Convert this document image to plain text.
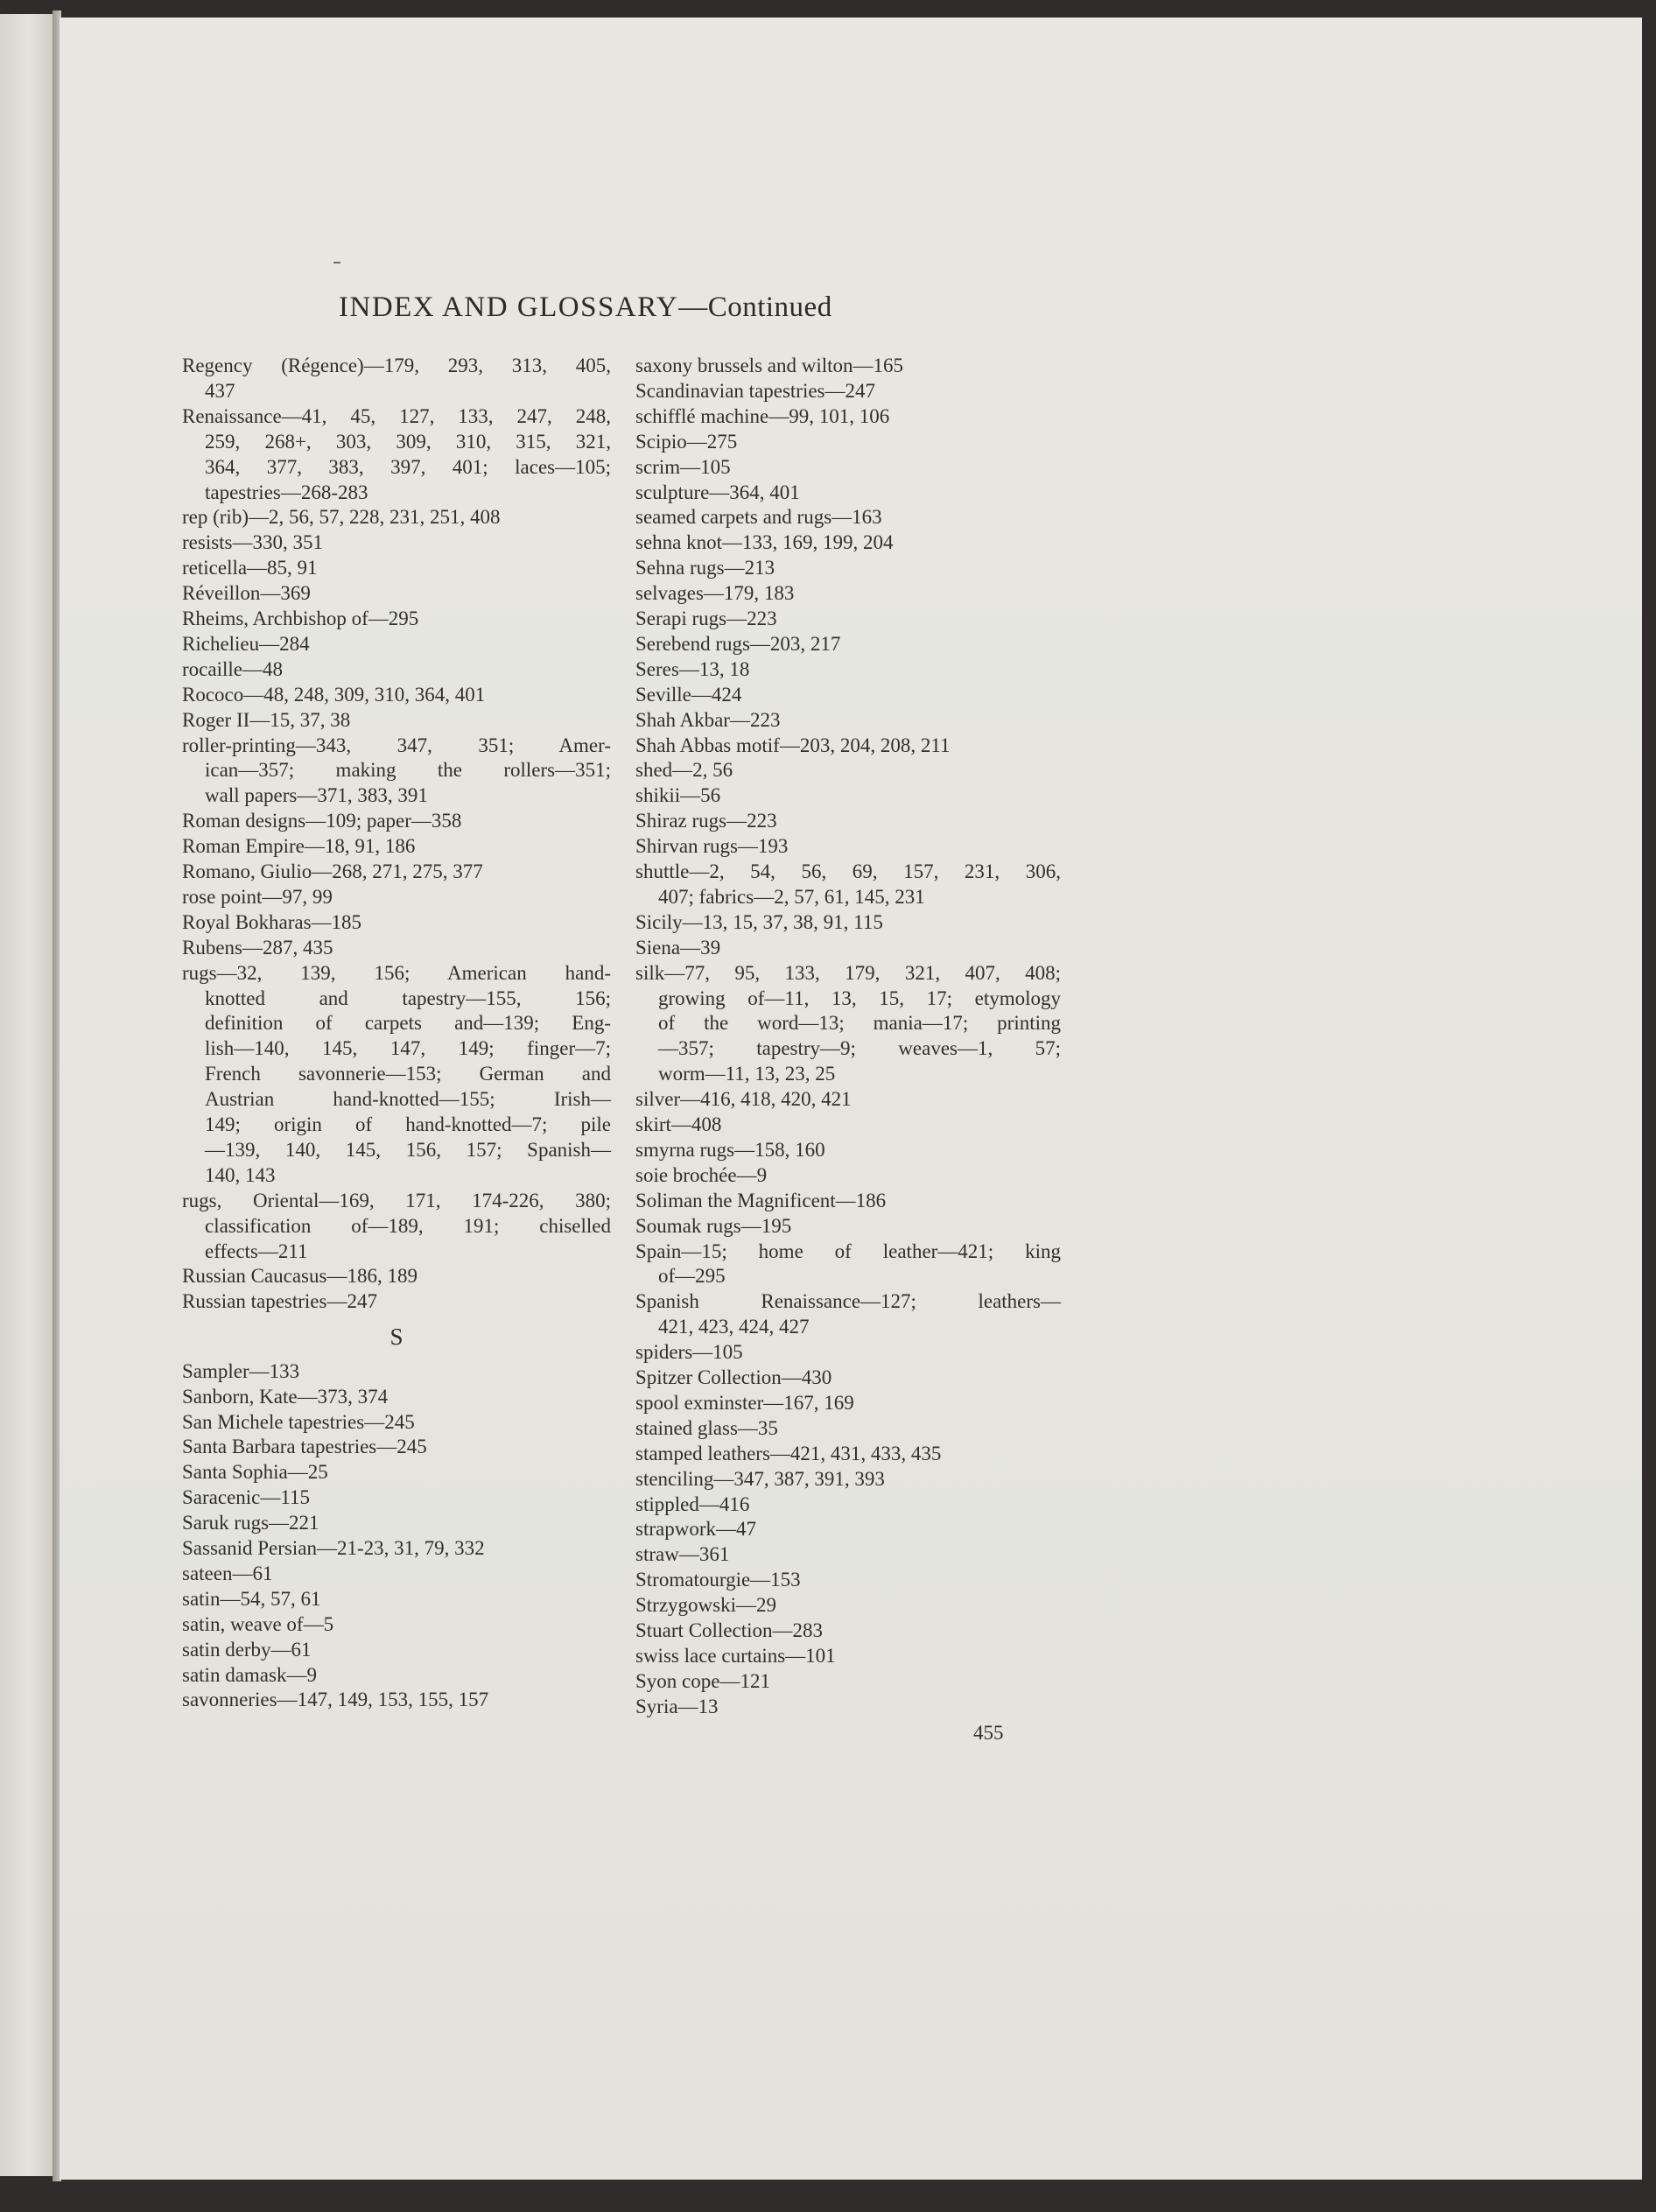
INDEX AND GLOSSARY—Continued
Regency (Régence)—179, 293, 313, 405,
437
Renaissance—41, 45, 127, 133, 247, 248,
259, 268+, 303, 309, 310, 315, 321,
364, 377, 383, 397, 401; laces—105;
tapestries—268-283
rep (rib)—2, 56, 57, 228, 231, 251, 408
resists—330, 351
reticella—85, 91
Réveillon—369
Rheims, Archbishop of—295
Richelieu—284
rocaille—48
Rococo—48, 248, 309, 310, 364, 401
Roger II—15, 37, 38
roller-printing—343, 347, 351; Amer-
ican—357; making the rollers—351;
wall papers—371, 383, 391
Roman designs—109; paper—358
Roman Empire—18, 91, 186
Romano, Giulio—268, 271, 275, 377
rose point—97, 99
Royal Bokharas—185
Rubens—287, 435
rugs—32, 139, 156; American hand-
knotted and tapestry—155, 156;
definition of carpets and—139; Eng-
lish—140, 145, 147, 149; finger—7;
French savonnerie—153; German and
Austrian hand-knotted—155; Irish—
149; origin of hand-knotted—7; pile
—139, 140, 145, 156, 157; Spanish—
140, 143
rugs, Oriental—169, 171, 174-226, 380;
classification of—189, 191; chiselled
effects—211
Russian Caucasus—186, 189
Russian tapestries—247
S
Sampler—133
Sanborn, Kate—373, 374
San Michele tapestries—245
Santa Barbara tapestries—245
Santa Sophia—25
Saracenic—115
Saruk rugs—221
Sassanid Persian—21-23, 31, 79, 332
sateen—61
satin—54, 57, 61
satin, weave of—5
satin derby—61
satin damask—9
savonneries—147, 149, 153, 155, 157
saxony brussels and wilton—165
Scandinavian tapestries—247
schifflé machine—99, 101, 106
Scipio—275
scrim—105
sculpture—364, 401
seamed carpets and rugs—163
sehna knot—133, 169, 199, 204
Sehna rugs—213
selvages—179, 183
Serapi rugs—223
Serebend rugs—203, 217
Seres—13, 18
Seville—424
Shah Akbar—223
Shah Abbas motif—203, 204, 208, 211
shed—2, 56
shikii—56
Shiraz rugs—223
Shirvan rugs—193
shuttle—2, 54, 56, 69, 157, 231, 306,
407; fabrics—2, 57, 61, 145, 231
Sicily—13, 15, 37, 38, 91, 115
Siena—39
silk—77, 95, 133, 179, 321, 407, 408;
growing of—11, 13, 15, 17; etymology
of the word—13; mania—17; printing
—357; tapestry—9; weaves—1, 57;
worm—11, 13, 23, 25
silver—416, 418, 420, 421
skirt—408
smyrna rugs—158, 160
soie brochée—9
Soliman the Magnificent—186
Soumak rugs—195
Spain—15; home of leather—421; king
of—295
Spanish Renaissance—127; leathers—
421, 423, 424, 427
spiders—105
Spitzer Collection—430
spool exminster—167, 169
stained glass—35
stamped leathers—421, 431, 433, 435
stenciling—347, 387, 391, 393
stippled—416
strapwork—47
straw—361
Stromatourgie—153
Strzygowski—29
Stuart Collection—283
swiss lace curtains—101
Syon cope—121
Syria—13
455
